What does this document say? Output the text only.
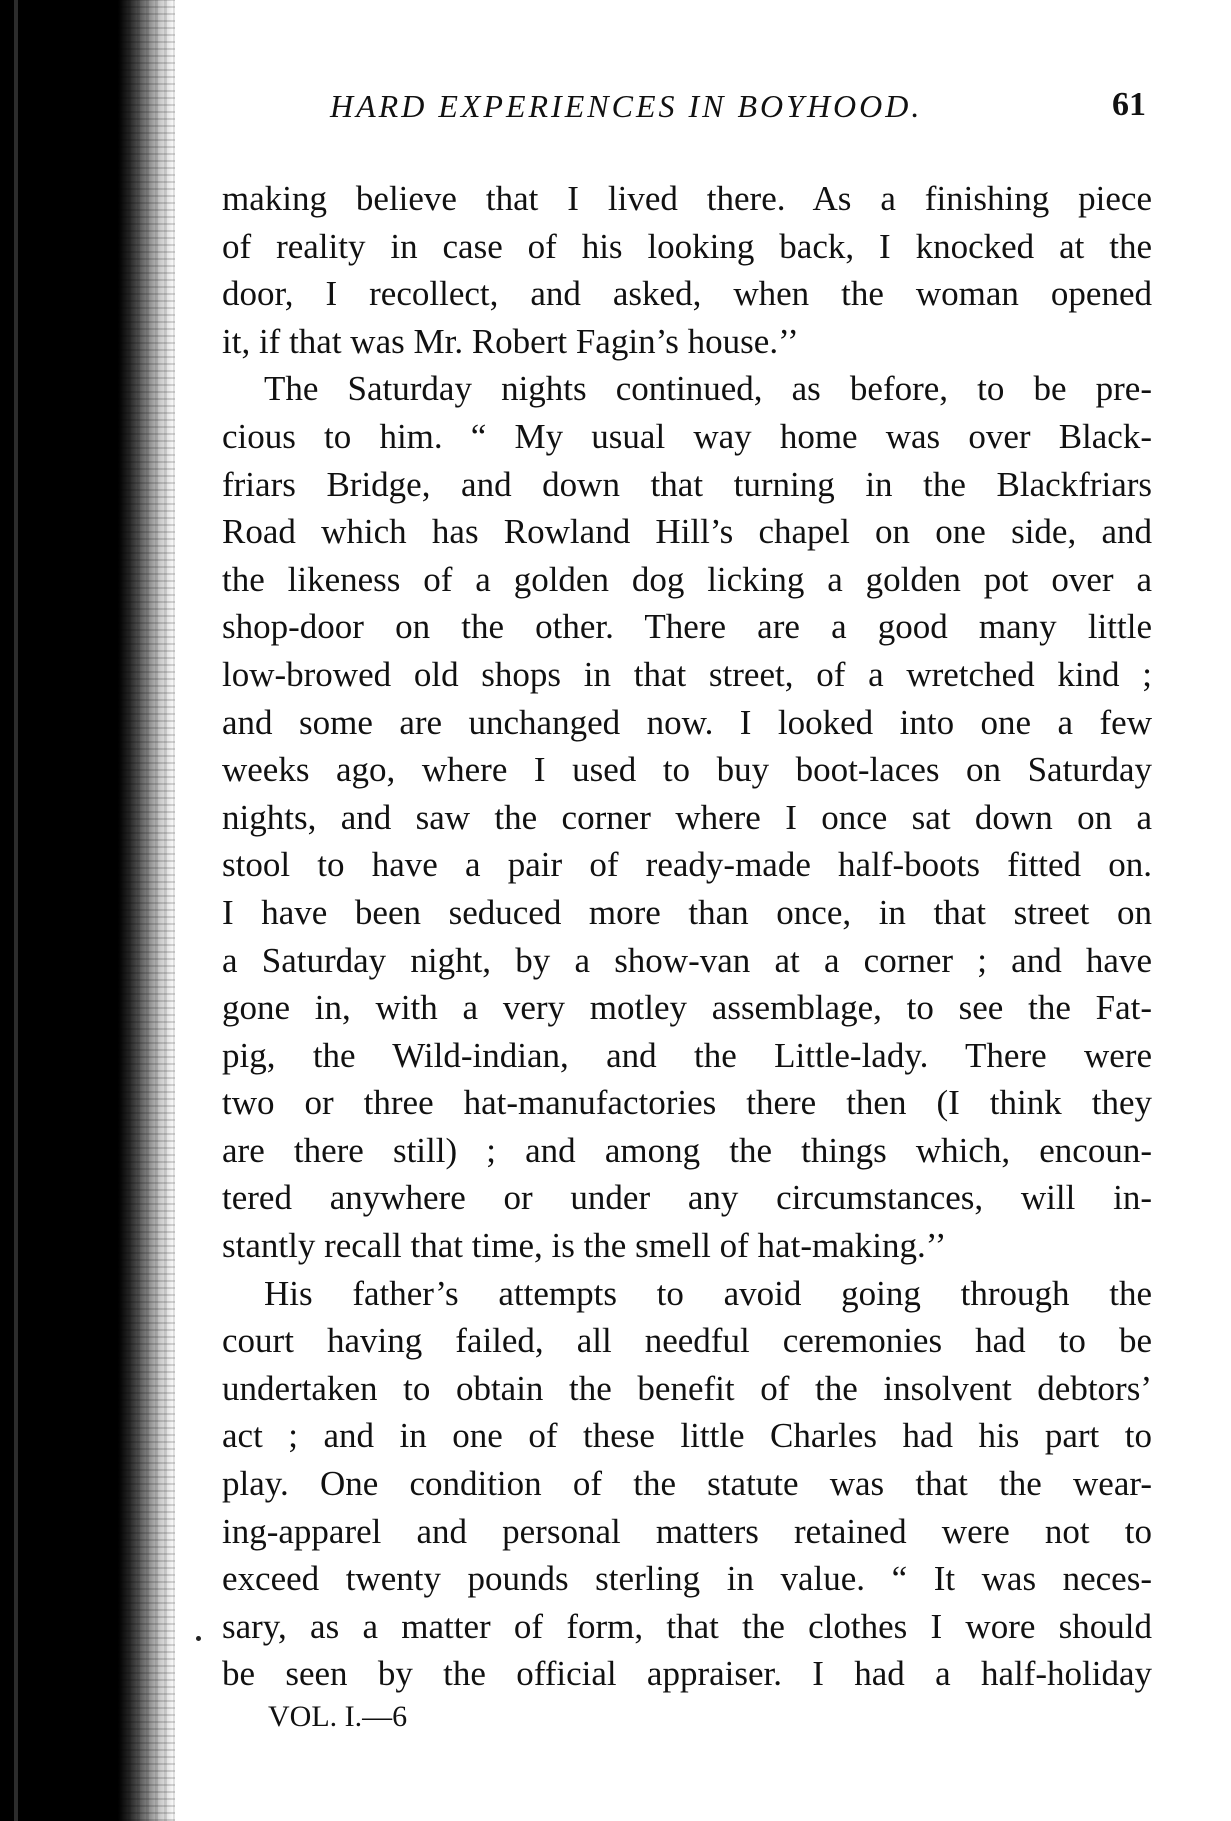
HARD EXPERIENCES IN BOYHOOD.	61
making believe that I lived there. As a finishing piece
of reality in case of his looking back, I knocked at the
door, I recollect, and asked, when the woman opened
it, if that was Mr. Robert Fagin’s house.’’
The Saturday nights continued, as before, to be pre-
cious to him. “ My usual way home was over Black-
friars Bridge, and down that turning in the Blackfriars
Road which has Rowland Hill’s chapel on one side, and
the likeness of a golden dog licking a golden pot over a
shop-door on the other. There are a good many little
low-browed old shops in that street, of a wretched kind ;
and some are unchanged now. I looked into one a few
weeks ago, where I used to buy boot-laces on Saturday
nights, and saw the corner where I once sat down on a
stool to have a pair of ready-made half-boots fitted on.
I have been seduced more than once, in that street on
a Saturday night, by a show-van at a corner ; and have
gone in, with a very motley assemblage, to see the Fat-
pig, the Wild-indian, and the Little-lady. There were
two or three hat-manufactories there then (I think they
are there still) ; and among the things which, encoun-
tered anywhere or under any circumstances, will in-
stantly recall that time, is the smell of hat-making.’’
His father’s attempts to avoid going through the
court having failed, all needful ceremonies had to be
undertaken to obtain the benefit of the insolvent debtors’
act ; and in one of these little Charles had his part to
play. One condition of the statute was that the wear-
ing-apparel and personal matters retained were not to
exceed twenty pounds sterling in value. “ It was neces-
sary, as a matter of form, that the clothes I wore should
be seen by the official appraiser. I had a half-holiday
VOL. I.—6
